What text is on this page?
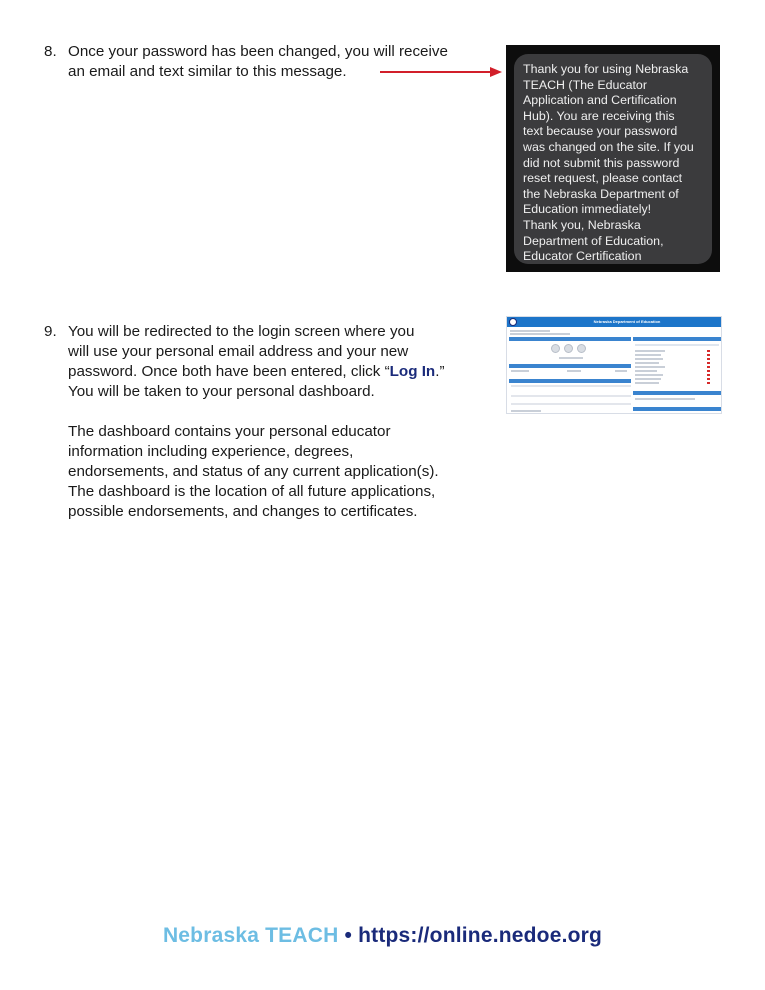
8. Once your password has been changed, you will receive

an email and text similar to this message.	Thank you for using Nebraska
TEACH (The Educator
Application and Certification
Hub). You are receiving this
text because your password
was changed on the site. If you
did not submit this password
reset request, please contact
the Nebraska Department of
Education immediately!
Thank you, Nebraska
Department of Education,
Educator Certification

9. You will be redirected to the login screen where you

will use your personal email address and your new

password. Once both have been entered, click “Log In.”

You will be taken to your personal dashboard.

The dashboard contains your personal educator

information including experience, degrees,

endorsements, and status of any current application(s).

The dashboard is the location of all future applications,

possible endorsements, and changes to certificates.

Nebraska Department of Education
Nebraska TEACH • https://online.nedoe.org
